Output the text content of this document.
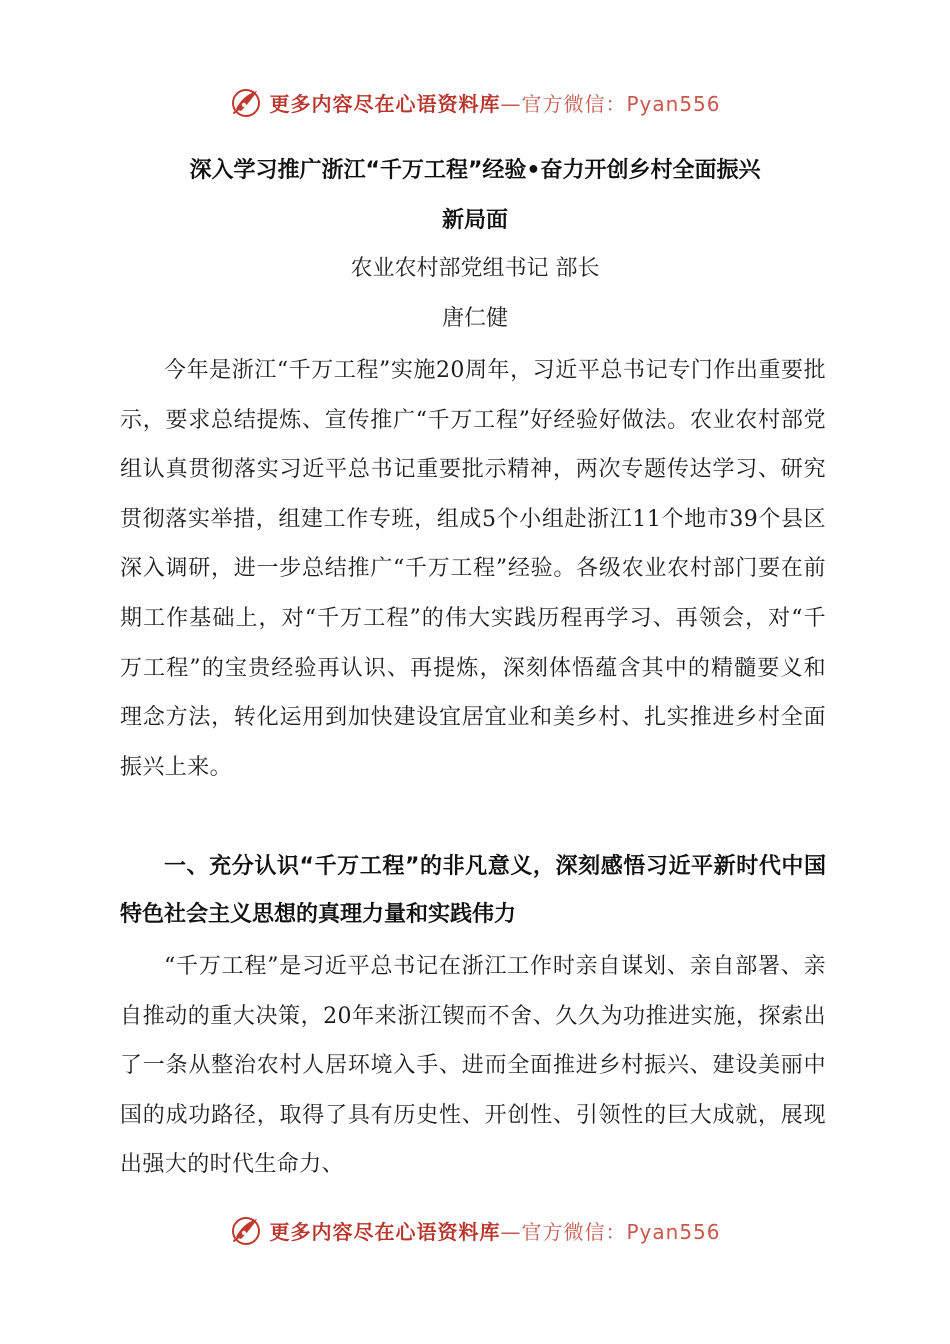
更多内容尽在心语资料库—官方微信：Pyan556
深入学习推广浙江“千万工程”经验•奋力开创乡村全面振兴
新局面
农业农村部党组书记 部长
唐仁健

今年是浙江“千万工程”实施20周年，习近平总书记专门作出重要批示，要求总结提炼、宣传推广“千万工程”好经验好做法。农业农村部党组认真贯彻落实习近平总书记重要批示精神，两次专题传达学习、研究贯彻落实举措，组建工作专班，组成5个小组赴浙江11个地市39个县区深入调研，进一步总结推广“千万工程”经验。各级农业农村部门要在前期工作基础上，对“千万工程”的伟大实践历程再学习、再领会，对“千万工程”的宝贵经验再认识、再提炼，深刻体悟蕴含其中的精髓要义和理念方法，转化运用到加快建设宜居宜业和美乡村、扎实推进乡村全面振兴上来。

一、充分认识“千万工程”的非凡意义，深刻感悟习近平新时代中国特色社会主义思想的真理力量和实践伟力

“千万工程”是习近平总书记在浙江工作时亲自谋划、亲自部署、亲自推动的重大决策，20年来浙江锲而不舍、久久为功推进实施，探索出了一条从整治农村人居环境入手、进而全面推进乡村振兴、建设美丽中国的成功路径，取得了具有历史性、开创性、引领性的巨大成就，展现出强大的时代生命力、

更多内容尽在心语资料库—官方微信：Pyan556
